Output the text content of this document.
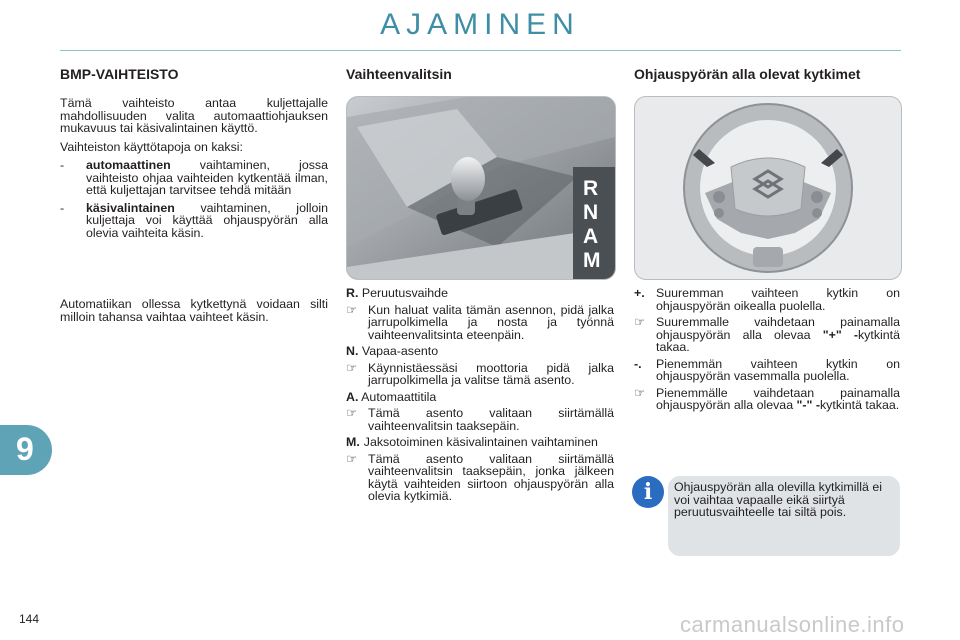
AJAMINEN
BMP-VAIHTEISTO

Tämä vaihteisto antaa kuljettajalle mahdollisuuden valita automaattiohjauksen mukavuus tai käsivalintainen käyttö.

Vaihteiston käyttötapoja on kaksi:

-	automaattinen vaihtaminen, jossa vaihteisto ohjaa vaihteiden kytkentää ilman, että kuljettajan tarvitsee tehdä mitään
-	käsivalintainen vaihtaminen, jolloin kuljettaja voi käyttää ohjauspyörän alla olevia vaihteita käsin.

Automatiikan ollessa kytkettynä voidaan silti milloin tahansa vaihtaa vaihteet käsin.

Vaihteenvalitsin
R
N
A
M
R. Peruutusvaihde
☞ Kun haluat valita tämän asennon, pidä jalka jarrupolkimella ja nosta ja työnnä vaihteenvalitsinta eteenpäin.
N. Vapaa-asento
☞ Käynnistäessäsi moottoria pidä jalka jarrupolkimella ja valitse tämä asento.
A. Automaattitila
☞ Tämä asento valitaan siirtämällä vaihteenvalitsin taaksepäin.
M. Jaksotoiminen käsivalintainen vaihtaminen
☞ Tämä asento valitaan siirtämällä vaihteenvalitsin taaksepäin, jonka jälkeen käytä vaihteiden siirtoon ohjauspyörän alla olevia kytkimiä.
Ohjauspyörän alla olevat kytkimet
+. Suuremman vaihteen kytkin on ohjauspyörän oikealla puolella.
☞ Suuremmalle vaihdetaan painamalla ohjauspyörän alla olevaa "+" -kytkintä takaa.
-.	Pienemmän vaihteen kytkin on ohjauspyörän vasemmalla puolella.
☞ Pienemmälle vaihdetaan painamalla ohjauspyörän alla olevaa "-" -kytkintä takaa.
Ohjauspyörän alla olevilla kytkimillä ei voi vaihtaa vapaalle eikä siirtyä peruutusvaihteelle tai siltä pois.
i
9
144	carmanualsonline.info
